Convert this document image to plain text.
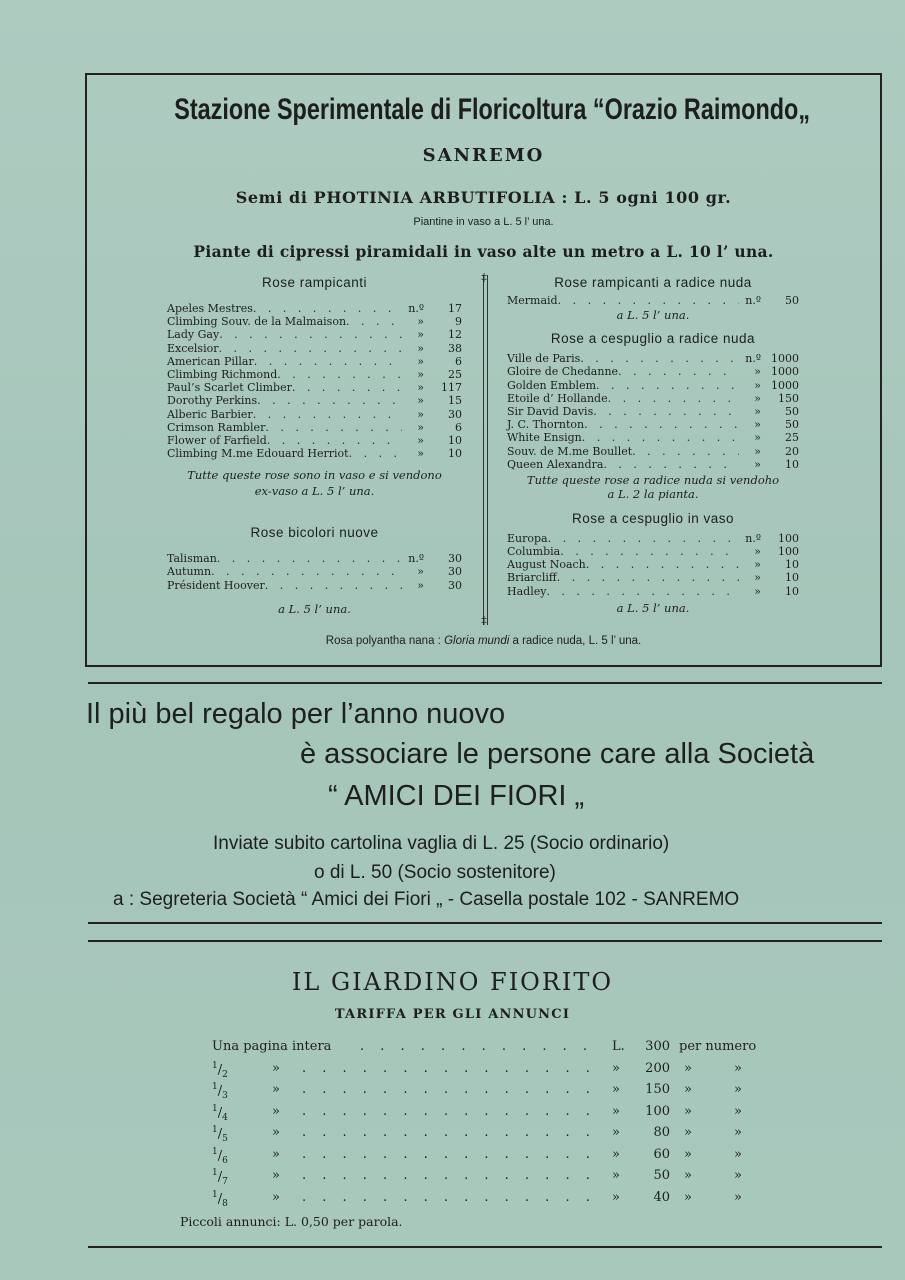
Stazione Sperimentale di Floricoltura “Orazio Raimondo„
SANREMO
Semi di PHOTINIA ARBUTIFOLIA : L. 5 ogni 100 gr.
Piantine in vaso a L. 5 l’ una.
Piante di cipressi piramidali in vaso alte un metro a L. 10 l’ una.
‡
‡
Rose rampicanti
Apeles Mestres . . .	n.º	17
Climbing Souv. de la Malmaison . . .	»	9
Lady Gay . . .	»	12
Excelsior . . .	»	38
American Pillar . . .	»	6
Climbing Richmond . . .	»	25
Paul’s Scarlet Climber . . .	»	117
Dorothy Perkins . . .	»	15
Alberic Barbier . . .	»	30
Crimson Rambler . . .	»	6
Flower of Farfield . . .	»	10
Climbing M.me Edouard Herriot . . .	»	10
Tutte queste rose sono in vaso e si vendono
ex-vaso a L. 5 l’ una.
Rose bicolori nuove
Talisman . . .	n.º	30
Autumn . . .	»	30
Président Hoover . . .	»	30
a L. 5 l’ una.
Rose rampicanti a radice nuda
Mermaid . . .	n.º	50
a L. 5 l’ una.
Rose a cespuglio a radice nuda
Ville de Paris . . .	n.º 1000
Gloire de Chedanne . . .	» 1000
Golden Emblem . . .	» 1000
Etoile d’ Hollande . . .	»	150
Sir David Davis . . .	»	50
J. C. Thornton . . .	»	50
White Ensign . . .	»	25
Souv. de M.me Boullet . . .	»	20
Queen Alexandra . . .	»	10
Tutte queste rose a radice nuda si vendoho
a L. 2 la pianta.
Rose a cespuglio in vaso
Europa . . .	n.º	100
Columbia . . .	»	100
August Noach . . .	»	10
Briarcliff . . .	»	10
Hadley . . .	»	10
a L. 5 l’ una.
Rosa polyantha nana : Gloria mundi a radice nuda, L. 5 l’ una.
Il più bel regalo per l’anno nuovo
è associare le persone care alla Società
“ AMICI DEI FIORI „
Inviate subito cartolina vaglia di L. 25 (Socio ordinario)
o di L. 50 (Socio sostenitore)
a : Segreteria Società “ Amici dei Fiori „ - Casella postale 102 - SANREMO
IL GIARDINO FIORITO
TARIFFA PER GLI ANNUNCI
Una pagina intera . . .	L.	300 per numero
»
$^1/_2$ . . .	»	200 »	»
»
$^1/_3$ . . .	»	150 »	»
»
$^1/_4$ . . .	»	100 »	»
»
$^1/_5$ . . .	»	80 »	»
»
$^1/_6$ . . .	»	60 »	»
»
$^1/_7$ . . .	»	50 »	»
»
$^1/_8$ . . .	»	40 »	»
Piccoli annunci: L. 0,50 per parola.
